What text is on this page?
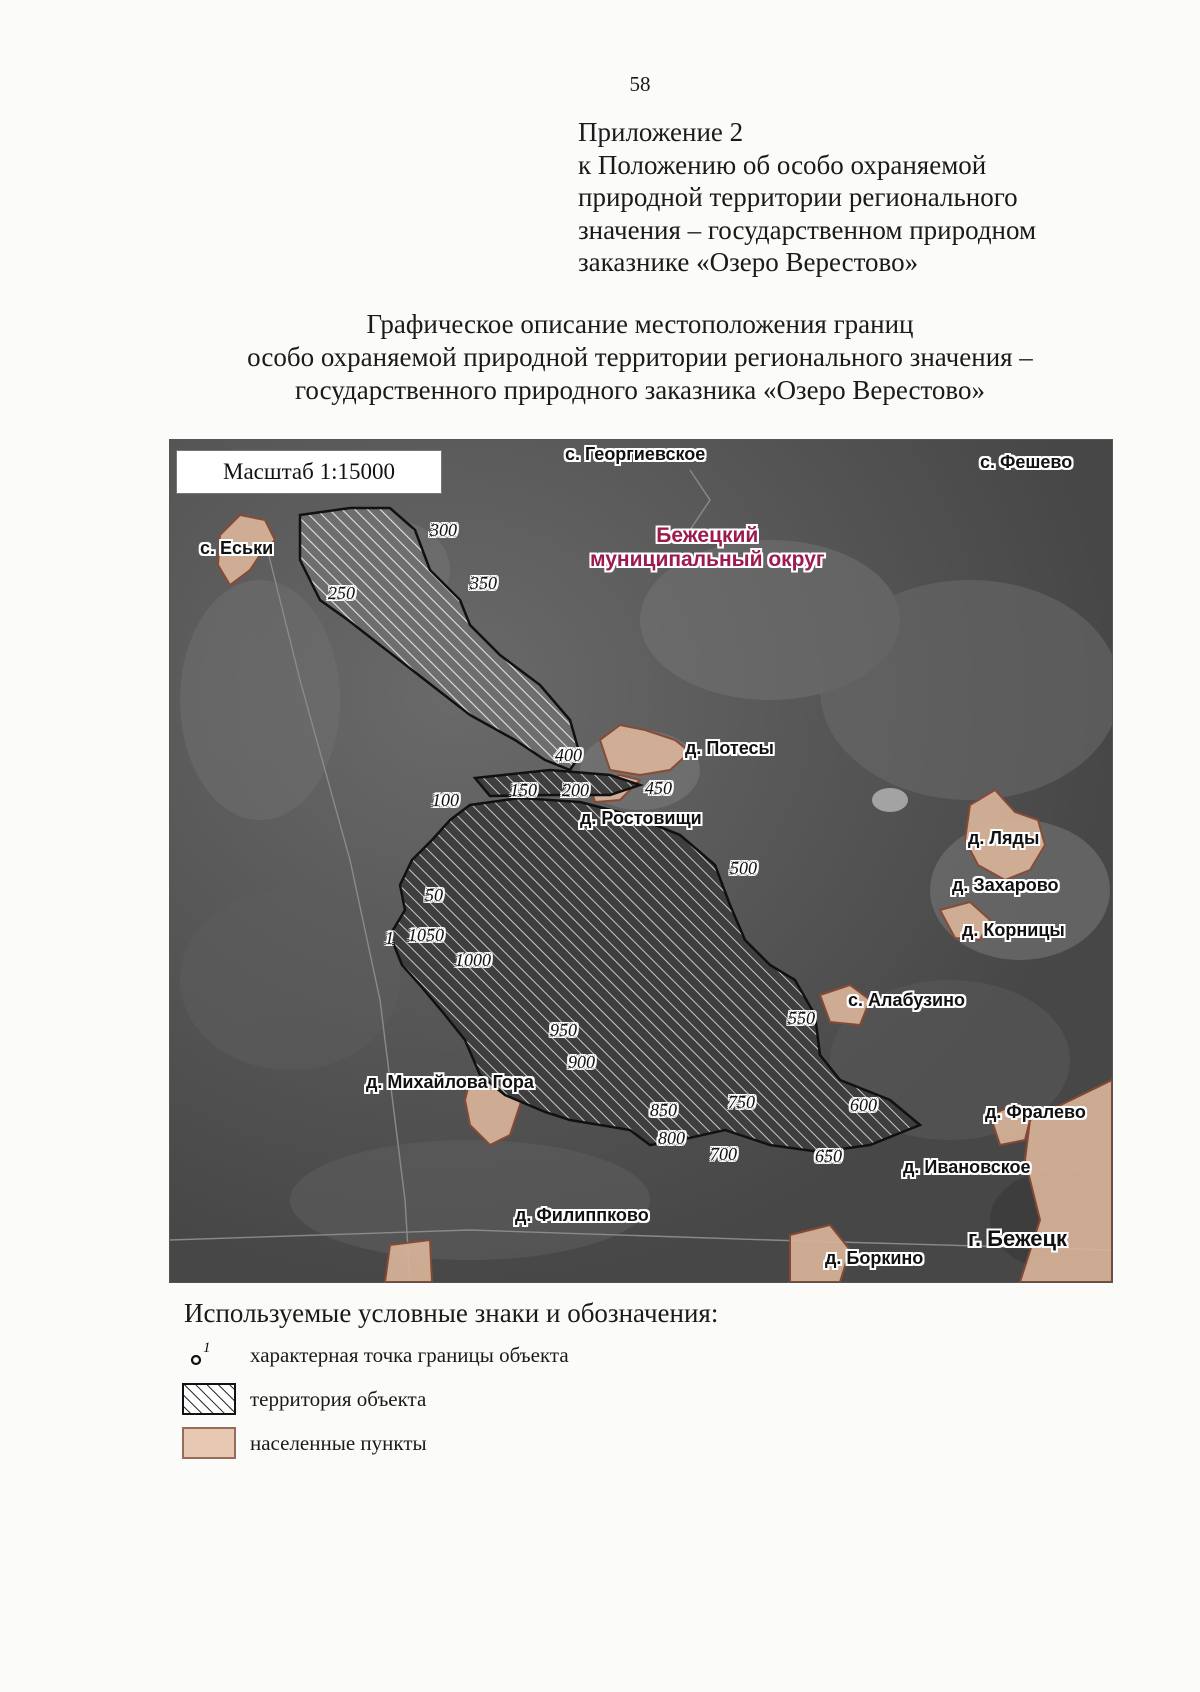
58
Приложение 2
к Положению об особо охраняемой
природной территории регионального
значения – государственном природном
заказнике «Озеро Верестово»
Графическое описание местоположения границ
особо охраняемой природной территории регионального значения –
государственного природного заказника «Озеро Верестово»
Масштаб 1:15000
Бежецкий
муниципальный округ
с. Георгиевское	с. Фешево
с. Еськи
д. Потесы
д. Ростовищи
д. Ляды
д. Захарово
д. Корницы
с. Алабузино
д. Михайлова Гора
д. Фралево
д. Ивановское
д. Филиппково
г. Бежецк
д. Боркино
300
350
250
400
450
200
150
100
500
50
1 1050
1000
950
900
550
850	750	600
800
700	650
Используемые условные знаки и обозначения:
1 характерная точка границы объекта
территория объекта
населенные пункты
